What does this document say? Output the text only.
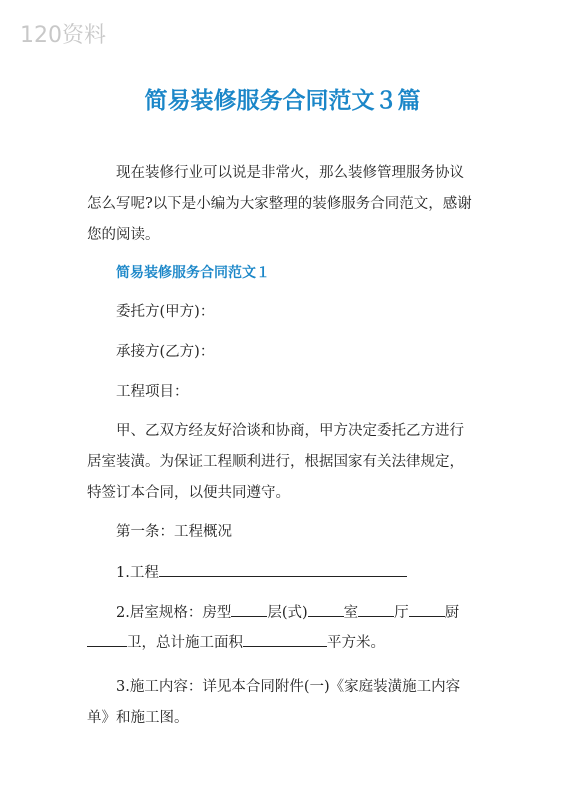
120资料
简易装修服务合同范文３篇
现在装修行业可以说是非常火，那么装修管理服务协议怎么写呢?以下是小编为大家整理的装修服务合同范文，感谢您的阅读。
简易装修服务合同范文１
委托方(甲方)：
承接方(乙方)：
工程项目：
甲、乙双方经友好洽谈和协商，甲方决定委托乙方进行居室装潢。为保证工程顺利进行，根据国家有关法律规定，特签订本合同，以便共同遵守。
第一条：工程概况
1.工程
2.居室规格：房型 层(式) 室 厅 厨
卫，总计施工面积	平方米。
3.施工内容：详见本合同附件(一)《家庭装潢施工内容单》和施工图。
